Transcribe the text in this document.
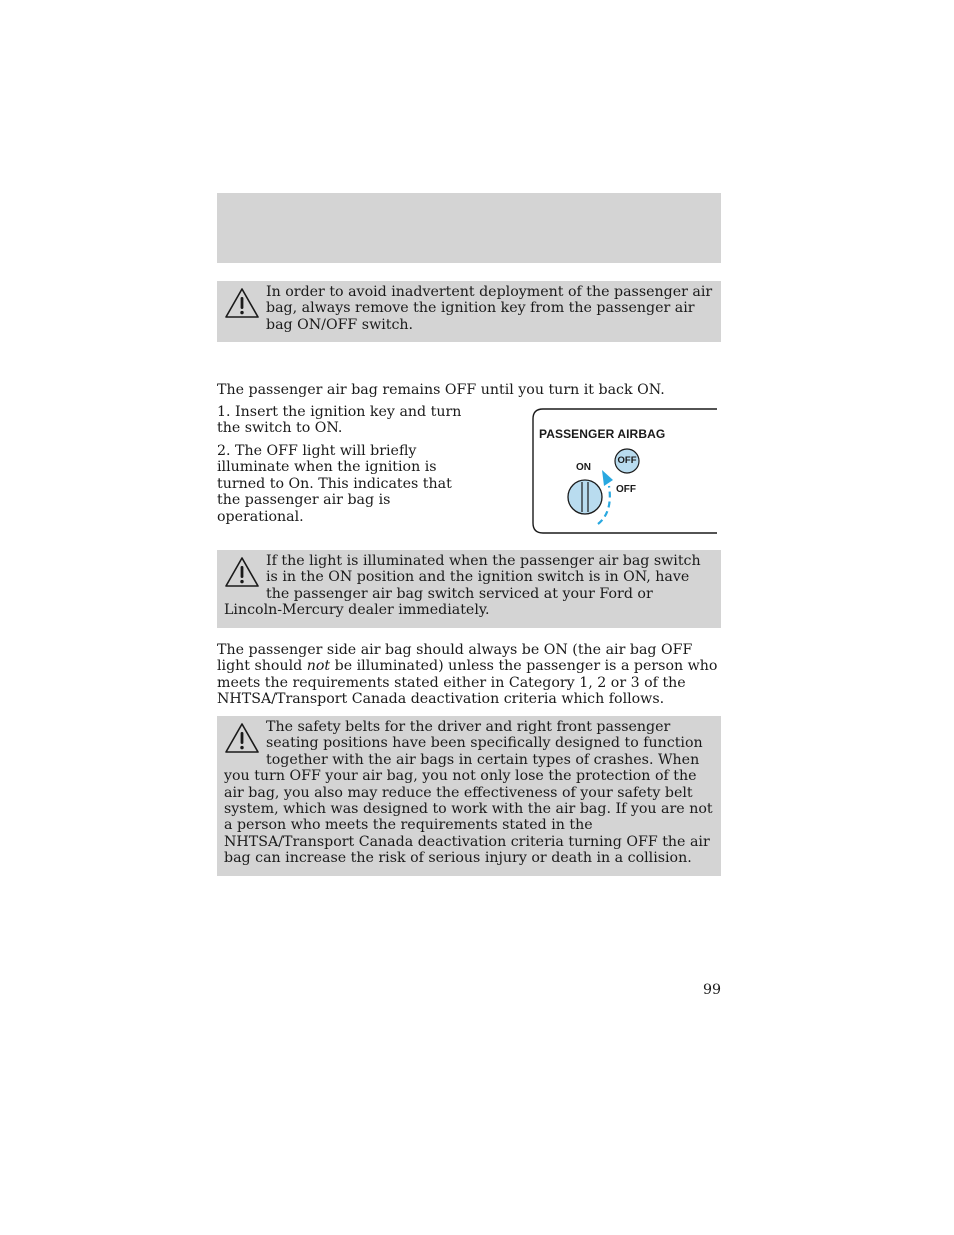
In order to avoid inadvertent deployment of the passenger air bag, always remove the ignition key from the passenger air bag ON/OFF switch.

The passenger air bag remains OFF until you turn it back ON.

1. Insert the ignition key and turn the switch to ON.

2. The OFF light will briefly illuminate when the ignition is turned to On. This indicates that the passenger air bag is operational.

PASSENGER AIRBAG
ON
OFF
OFF

If the light is illuminated when the passenger air bag switch is in the ON position and the ignition switch is in ON, have the passenger air bag switch serviced at your Ford or Lincoln-Mercury dealer immediately.

The passenger side air bag should always be ON (the air bag OFF light should not be illuminated) unless the passenger is a person who meets the requirements stated either in Category 1, 2 or 3 of the NHTSA/Transport Canada deactivation criteria which follows.

The safety belts for the driver and right front passenger seating positions have been specifically designed to function together with the air bags in certain types of crashes. When you turn OFF your air bag, you not only lose the protection of the air bag, you also may reduce the effectiveness of your safety belt system, which was designed to work with the air bag. If you are not a person who meets the requirements stated in the NHTSA/Transport Canada deactivation criteria turning OFF the air bag can increase the risk of serious injury or death in a collision.

99
